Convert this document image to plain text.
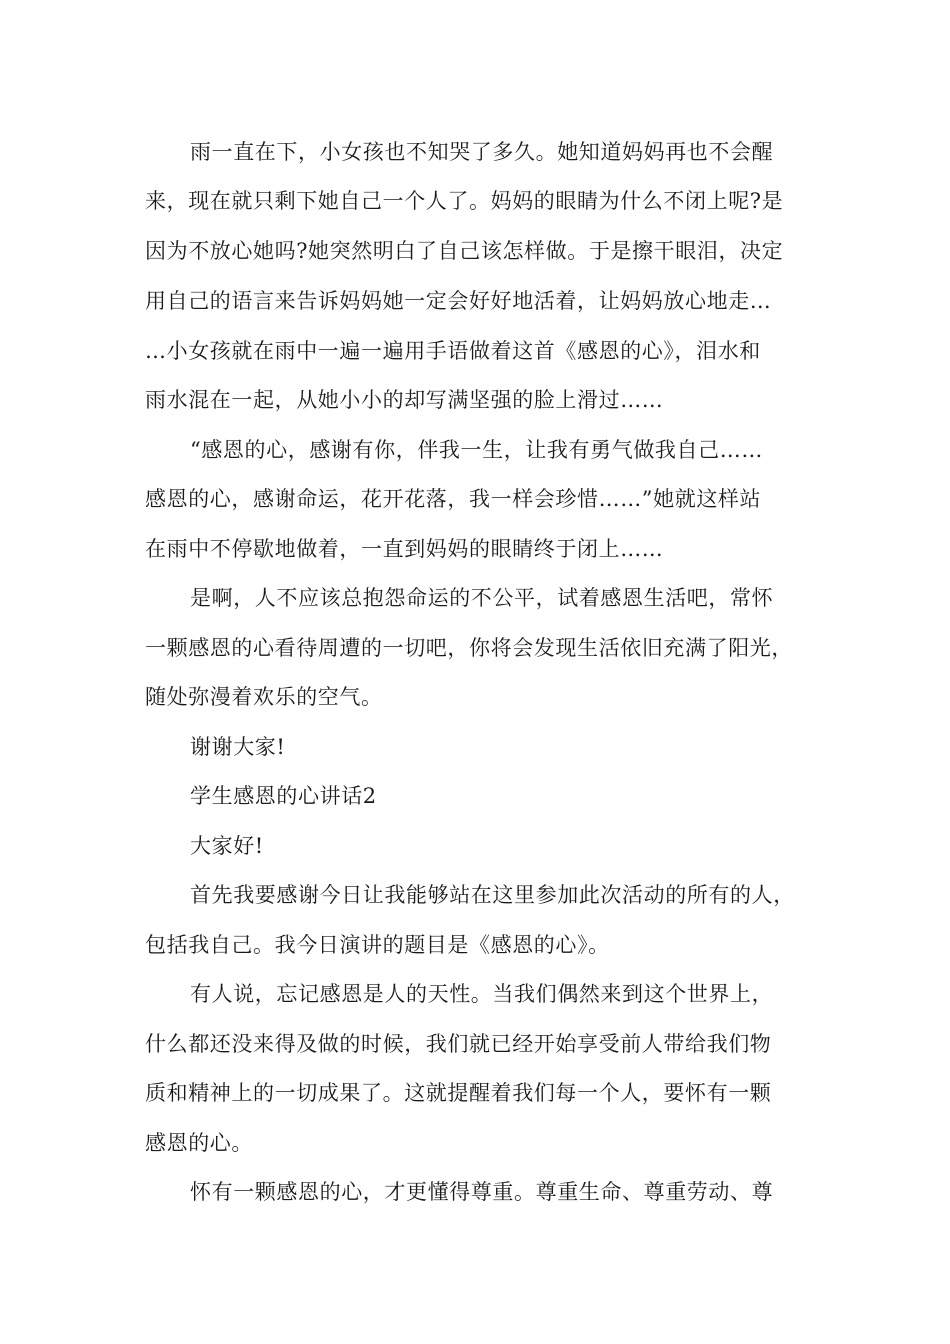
雨一直在下，小女孩也不知哭了多久。她知道妈妈再也不会醒

来，现在就只剩下她自己一个人了。妈妈的眼睛为什么不闭上呢?是

因为不放心她吗?她突然明白了自己该怎样做。于是擦干眼泪，决定

用自己的语言来告诉妈妈她一定会好好地活着，让妈妈放心地走…

…小女孩就在雨中一遍一遍用手语做着这首《感恩的心》，泪水和

雨水混在一起，从她小小的却写满坚强的脸上滑过……

“感恩的心，感谢有你，伴我一生，让我有勇气做我自己……

感恩的心，感谢命运，花开花落，我一样会珍惜……”她就这样站

在雨中不停歇地做着，一直到妈妈的眼睛终于闭上……

是啊，人不应该总抱怨命运的不公平，试着感恩生活吧，常怀

一颗感恩的心看待周遭的一切吧，你将会发现生活依旧充满了阳光，

随处弥漫着欢乐的空气。

谢谢大家!

学生感恩的心讲话2

大家好!

首先我要感谢今日让我能够站在这里参加此次活动的所有的人，

包括我自己。我今日演讲的题目是《感恩的心》。

有人说，忘记感恩是人的天性。当我们偶然来到这个世界上，

什么都还没来得及做的时候，我们就已经开始享受前人带给我们物

质和精神上的一切成果了。这就提醒着我们每一个人，要怀有一颗

感恩的心。

怀有一颗感恩的心，才更懂得尊重。尊重生命、尊重劳动、尊
